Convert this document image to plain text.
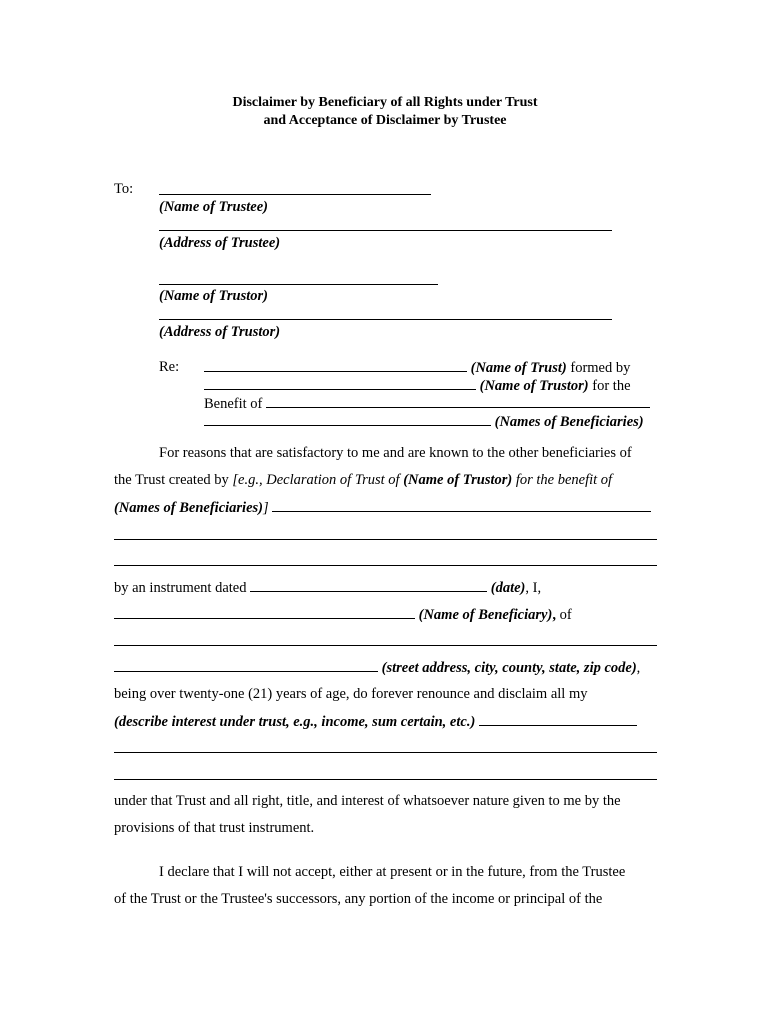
Disclaimer by Beneficiary of all Rights under Trust
and Acceptance of Disclaimer by Trustee
To:
(Name of Trustee)
(Address of Trustee)
(Name of Trustor)
(Address of Trustor)
Re:	(Name of Trust) formed by
(Name of Trustor) for the
Benefit of
(Names of Beneficiaries)
For reasons that are satisfactory to me and are known to the other beneficiaries of
the Trust created by [e.g., Declaration of Trust of (Name of Trustor) for the benefit of
(Names of Beneficiaries)]
by an instrument dated	(date), I,
(Name of Beneficiary), of
(street address, city, county, state, zip code),
being over twenty-one (21) years of age, do forever renounce and disclaim all my
(describe interest under trust, e.g., income, sum certain, etc.)
under that Trust and all right, title, and interest of whatsoever nature given to me by the
provisions of that trust instrument.
I declare that I will not accept, either at present or in the future, from the Trustee
of the Trust or the Trustee's successors, any portion of the income or principal of the
